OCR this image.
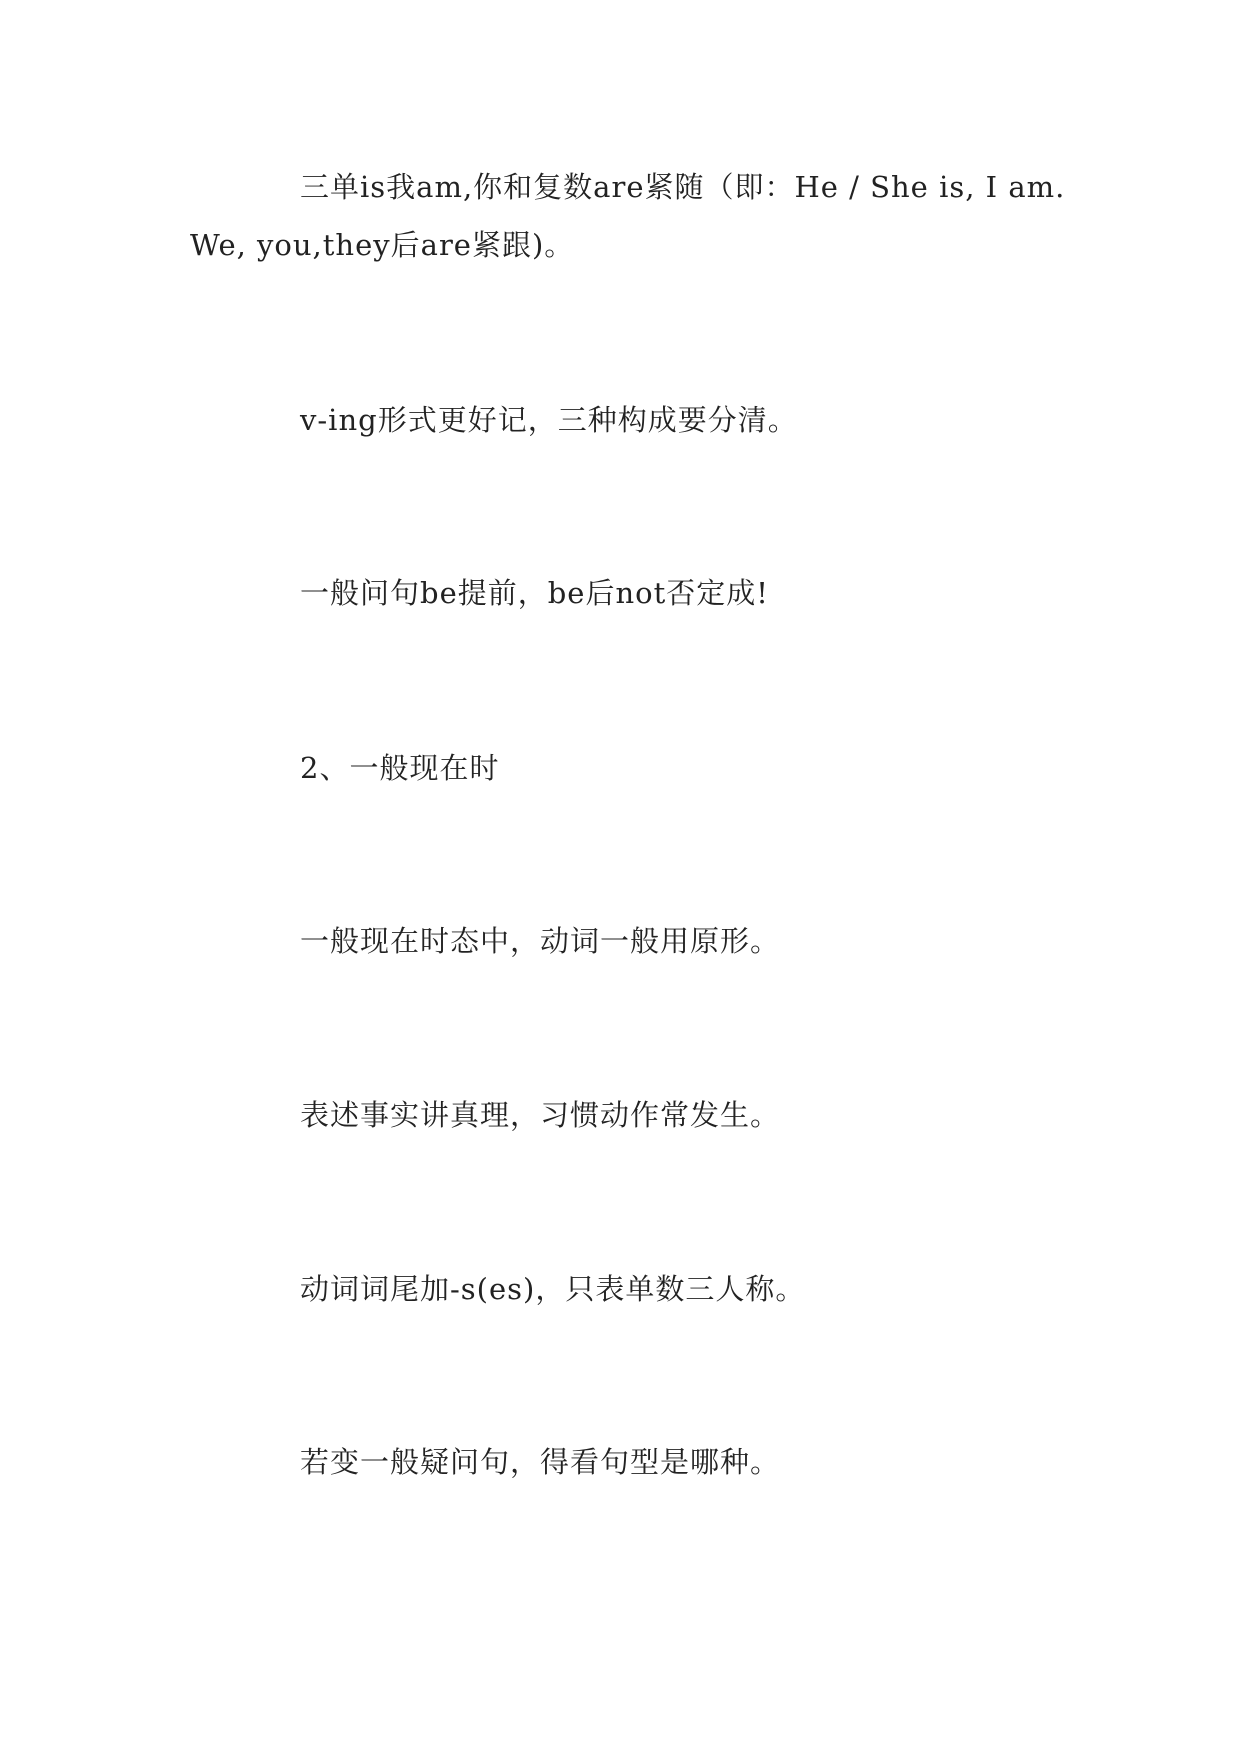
三单is我am,你和复数are紧随（即：He / She is, I am. We, you,they后are紧跟)。

v-ing形式更好记，三种构成要分清。

一般问句be提前，be后not否定成!

2、一般现在时

一般现在时态中，动词一般用原形。

表述事实讲真理，习惯动作常发生。

动词词尾加-s(es)，只表单数三人称。

若变一般疑问句，得看句型是哪种。
